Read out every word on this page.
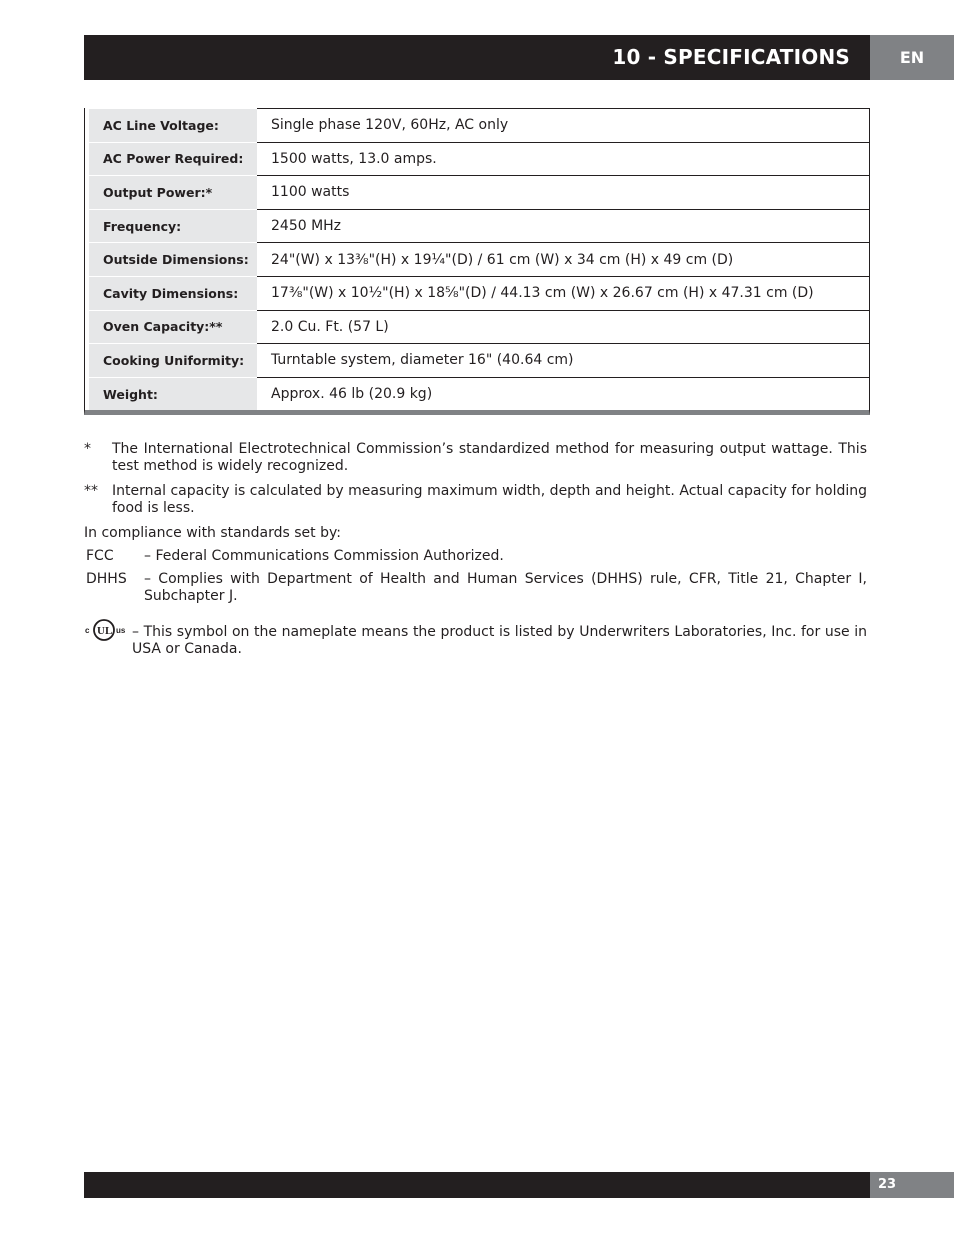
10 - SPECIFICATIONS	EN
AC Line Voltage:	Single phase 120V, 60Hz, AC only
AC Power Required:	1500 watts, 13.0 amps.
Output Power:*	1100 watts
Frequency:	2450 MHz
Outside Dimensions:	24"(W) x 13⅜"(H) x 19¼"(D) / 61 cm (W) x 34 cm (H) x 49 cm (D)
Cavity Dimensions:	17⅜"(W) x 10½"(H) x 18⅝"(D) / 44.13 cm (W) x 26.67 cm (H) x 47.31 cm (D)
Oven Capacity:**	2.0 Cu. Ft. (57 L)
Cooking Uniformity:	Turntable system, diameter 16" (40.64 cm)
Weight:	Approx. 46 lb (20.9 kg)
*	The International Electrotechnical Commission’s standardized method for measuring output wattage. This test method is widely recognized.
**	Internal capacity is calculated by measuring maximum width, depth and height. Actual capacity for holding food is less.
In compliance with standards set by:
FCC	– Federal Communications Commission Authorized.
DHHS	– Complies with Department of Health and Human Services (DHHS) rule, CFR, Title 21, Chapter I, Subchapter J.
c UL us – This symbol on the nameplate means the product is listed by Underwriters Laboratories, Inc. for use in USA or Canada.
23
